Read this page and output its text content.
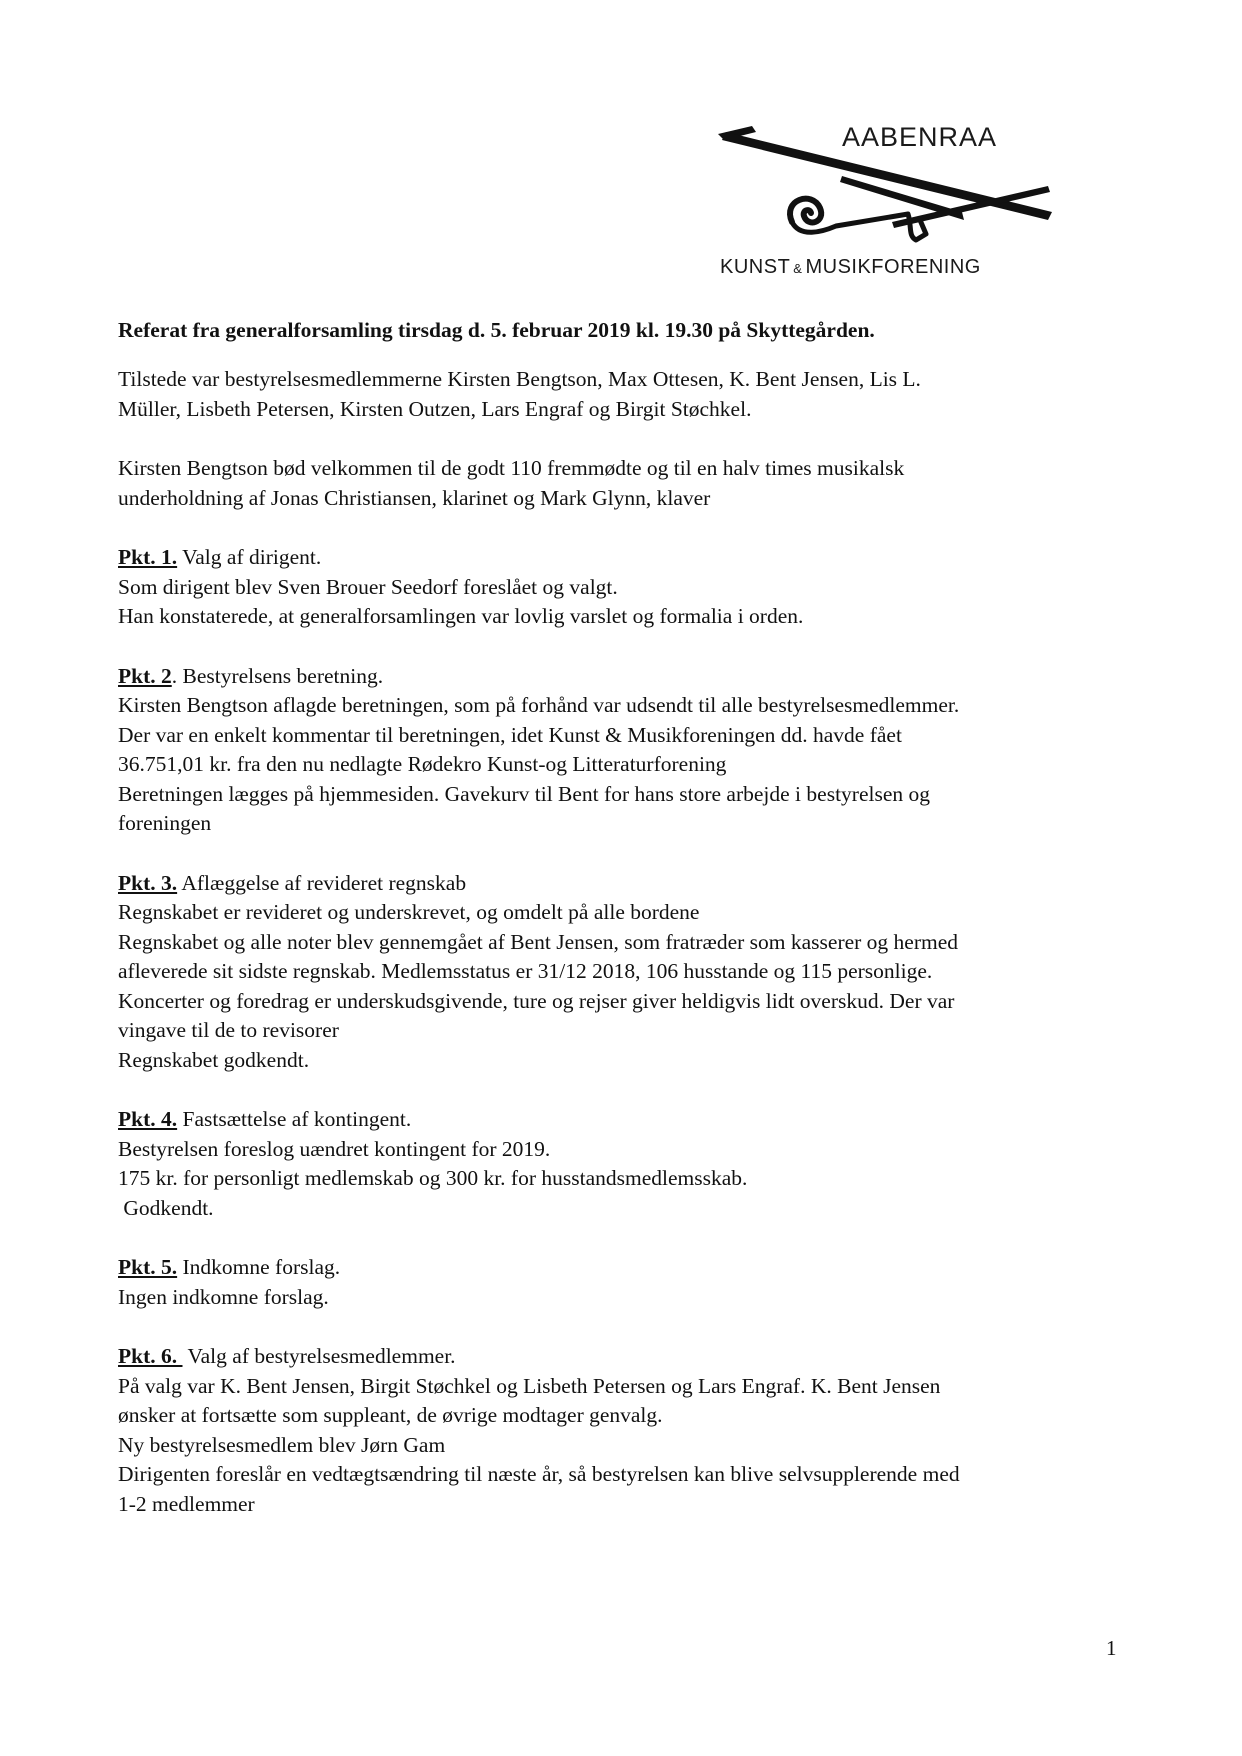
AABENRAA
KUNST & MUSIKFORENING
Referat fra generalforsamling tirsdag d. 5. februar 2019 kl. 19.30 på Skyttegården.
Tilstede var bestyrelsesmedlemmerne Kirsten Bengtson, Max Ottesen, K. Bent Jensen, Lis L.
Müller, Lisbeth Petersen, Kirsten Outzen, Lars Engraf og Birgit Støchkel.
Kirsten Bengtson bød velkommen til de godt 110 fremmødte og til en halv times musikalsk
underholdning af Jonas Christiansen, klarinet og Mark Glynn, klaver
Pkt. 1. Valg af dirigent.
Som dirigent blev Sven Brouer Seedorf foreslået og valgt.
Han konstaterede, at generalforsamlingen var lovlig varslet og formalia i orden.
Pkt. 2. Bestyrelsens beretning.
Kirsten Bengtson aflagde beretningen, som på forhånd var udsendt til alle bestyrelsesmedlemmer.
Der var en enkelt kommentar til beretningen, idet Kunst & Musikforeningen dd. havde fået
36.751,01 kr. fra den nu nedlagte Rødekro Kunst-og Litteraturforening
Beretningen lægges på hjemmesiden. Gavekurv til Bent for hans store arbejde i bestyrelsen og
foreningen
Pkt. 3. Aflæggelse af revideret regnskab
Regnskabet er revideret og underskrevet, og omdelt på alle bordene
Regnskabet og alle noter blev gennemgået af Bent Jensen, som fratræder som kasserer og hermed
afleverede sit sidste regnskab. Medlemsstatus er 31/12 2018, 106 husstande og 115 personlige.
Koncerter og foredrag er underskudsgivende, ture og rejser giver heldigvis lidt overskud. Der var
vingave til de to revisorer
Regnskabet godkendt.
Pkt. 4. Fastsættelse af kontingent.
Bestyrelsen foreslog uændret kontingent for 2019.
175 kr. for personligt medlemskab og 300 kr. for husstandsmedlemsskab.
Godkendt.
Pkt. 5. Indkomne forslag.
Ingen indkomne forslag.
Pkt. 6.  Valg af bestyrelsesmedlemmer.
På valg var K. Bent Jensen, Birgit Støchkel og Lisbeth Petersen og Lars Engraf. K. Bent Jensen
ønsker at fortsætte som suppleant, de øvrige modtager genvalg.
Ny bestyrelsesmedlem blev Jørn Gam
Dirigenten foreslår en vedtægtsændring til næste år, så bestyrelsen kan blive selvsupplerende med
1-2 medlemmer
1
